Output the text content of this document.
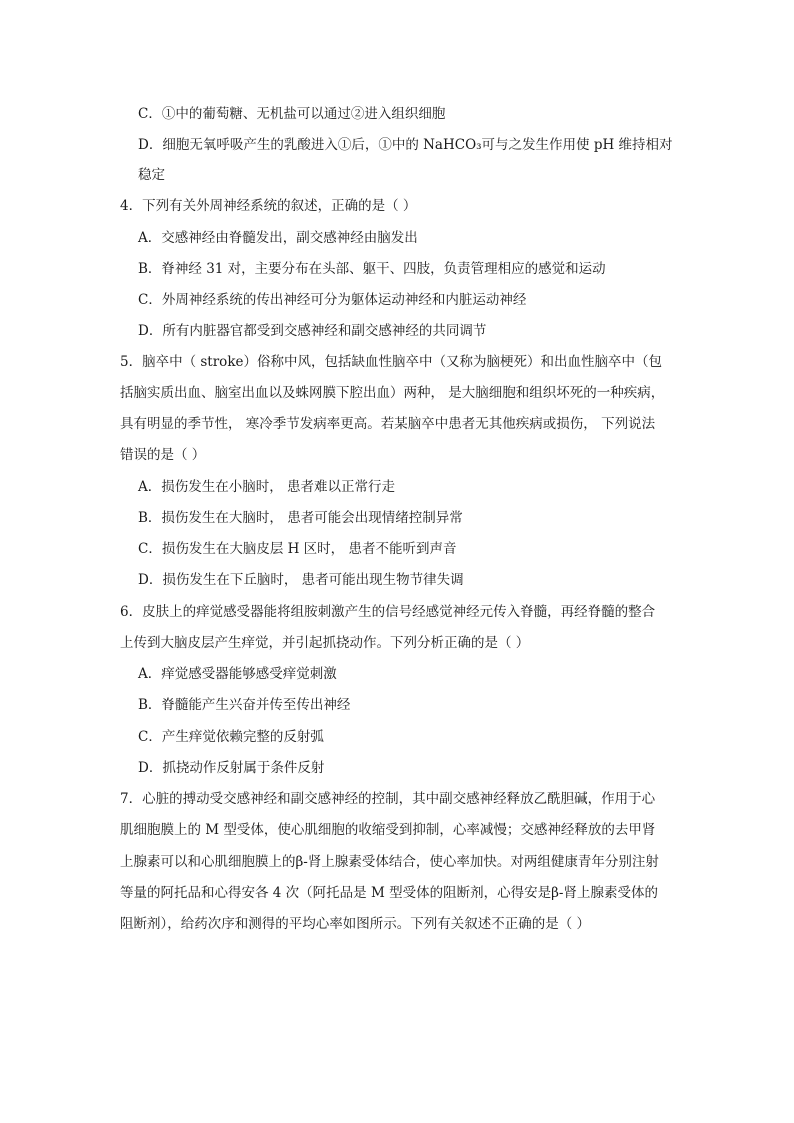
C．①中的葡萄糖、无机盐可以通过②进入组织细胞
D．细胞无氧呼吸产生的乳酸进入①后，①中的 NaHCO₃可与之发生作用使 pH 维持相对
稳定
4．下列有关外周神经系统的叙述，正确的是（ ）
A．交感神经由脊髓发出，副交感神经由脑发出
B．脊神经 31 对，主要分布在头部、躯干、四肢，负责管理相应的感觉和运动
C．外周神经系统的传出神经可分为躯体运动神经和内脏运动神经
D．所有内脏器官都受到交感神经和副交感神经的共同调节
5．脑卒中（ stroke）俗称中风，包括缺血性脑卒中（又称为脑梗死）和出血性脑卒中（包
括脑实质出血、脑室出血以及蛛网膜下腔出血）两种， 是大脑细胞和组织坏死的一种疾病，
具有明显的季节性， 寒冷季节发病率更高。若某脑卒中患者无其他疾病或损伤， 下列说法
错误的是（ ）
A．损伤发生在小脑时， 患者难以正常行走
B．损伤发生在大脑时， 患者可能会出现情绪控制异常
C．损伤发生在大脑皮层 H 区时， 患者不能听到声音
D．损伤发生在下丘脑时， 患者可能出现生物节律失调
6．皮肤上的痒觉感受器能将组胺刺激产生的信号经感觉神经元传入脊髓，再经脊髓的整合
上传到大脑皮层产生痒觉，并引起抓挠动作。下列分析正确的是（ ）
A．痒觉感受器能够感受痒觉刺激
B．脊髓能产生兴奋并传至传出神经
C．产生痒觉依赖完整的反射弧
D．抓挠动作反射属于条件反射
7．心脏的搏动受交感神经和副交感神经的控制，其中副交感神经释放乙酰胆碱，作用于心
肌细胞膜上的 M 型受体，使心肌细胞的收缩受到抑制，心率减慢；交感神经释放的去甲肾
上腺素可以和心肌细胞膜上的β-肾上腺素受体结合，使心率加快。对两组健康青年分别注射
等量的阿托品和心得安各 4 次（阿托品是 M 型受体的阻断剂，心得安是β-肾上腺素受体的
阻断剂），给药次序和测得的平均心率如图所示。下列有关叙述不正确的是（ ）
